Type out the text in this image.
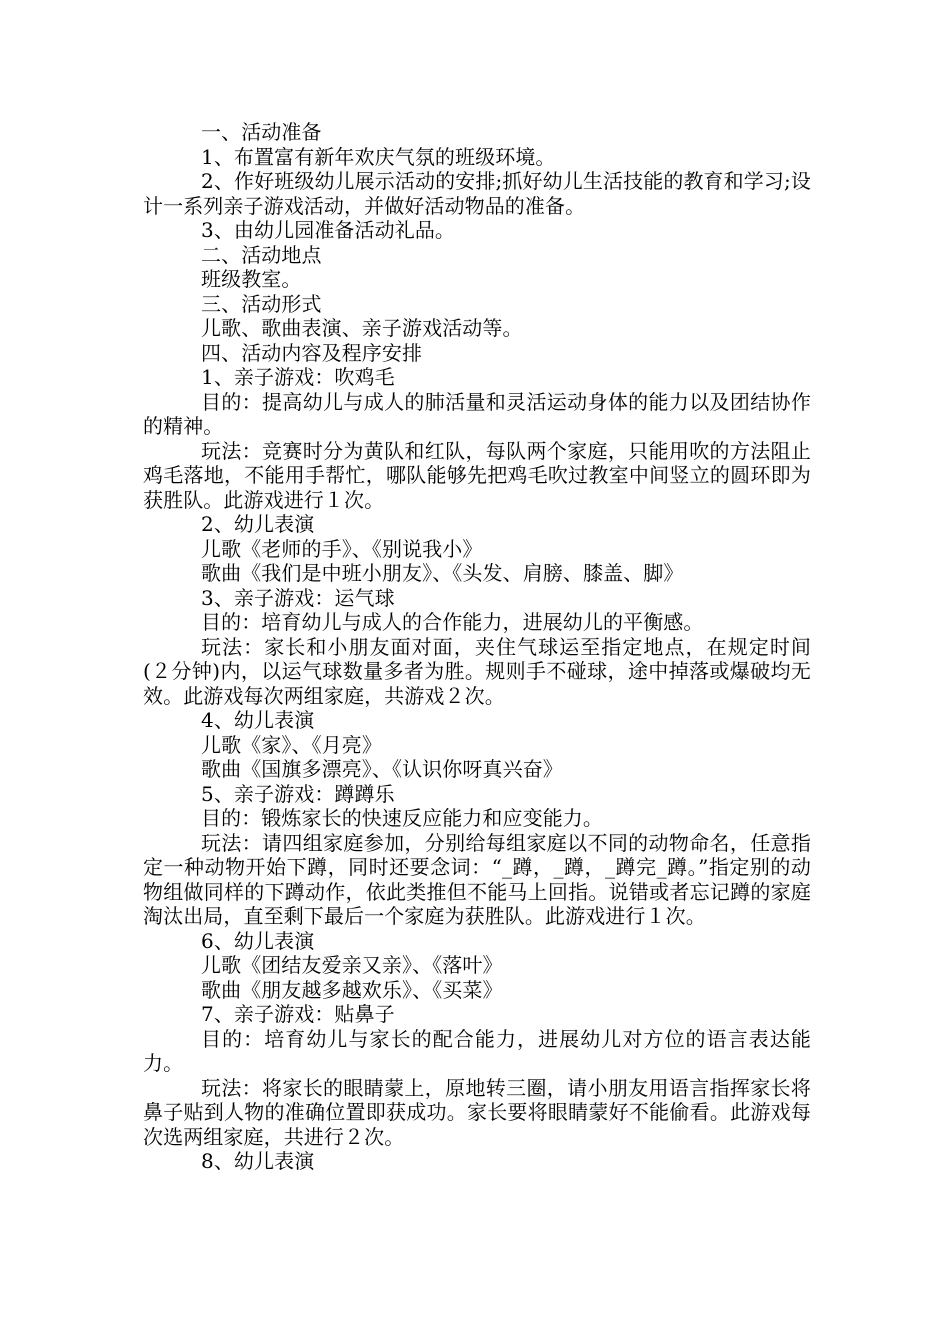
一、活动准备

1、布置富有新年欢庆气氛的班级环境。

2、作好班级幼儿展示活动的安排;抓好幼儿生活技能的教育和学习;设计一系列亲子游戏活动，并做好活动物品的准备。

3、由幼儿园准备活动礼品。

二、活动地点

班级教室。

三、活动形式

儿歌、歌曲表演、亲子游戏活动等。

四、活动内容及程序安排

1、亲子游戏：吹鸡毛

目的：提高幼儿与成人的肺活量和灵活运动身体的能力以及团结协作的精神。

玩法：竞赛时分为黄队和红队，每队两个家庭，只能用吹的方法阻止鸡毛落地，不能用手帮忙，哪队能够先把鸡毛吹过教室中间竖立的圆环即为获胜队。此游戏进行１次。

2、幼儿表演

儿歌《老师的手》、《别说我小》

歌曲《我们是中班小朋友》、《头发、肩膀、膝盖、脚》

3、亲子游戏：运气球

目的：培育幼儿与成人的合作能力，进展幼儿的平衡感。

玩法：家长和小朋友面对面，夹住气球运至指定地点，在规定时间(２分钟)内，以运气球数量多者为胜。规则手不碰球，途中掉落或爆破均无效。此游戏每次两组家庭，共游戏２次。

4、幼儿表演

儿歌《家》、《月亮》

歌曲《国旗多漂亮》、《认识你呀真兴奋》

5、亲子游戏：蹲蹲乐

目的：锻炼家长的快速反应能力和应变能力。

玩法：请四组家庭参加，分别给每组家庭以不同的动物命名，任意指定一种动物开始下蹲，同时还要念词：“_蹲，_蹲，_蹲完_蹲。”指定别的动物组做同样的下蹲动作，依此类推但不能马上回指。说错或者忘记蹲的家庭淘汰出局，直至剩下最后一个家庭为获胜队。此游戏进行１次。

6、幼儿表演

儿歌《团结友爱亲又亲》、《落叶》

歌曲《朋友越多越欢乐》、《买菜》

7、亲子游戏：贴鼻子

目的：培育幼儿与家长的配合能力，进展幼儿对方位的语言表达能力。

玩法：将家长的眼睛蒙上，原地转三圈，请小朋友用语言指挥家长将鼻子贴到人物的准确位置即获成功。家长要将眼睛蒙好不能偷看。此游戏每次选两组家庭，共进行２次。

8、幼儿表演
